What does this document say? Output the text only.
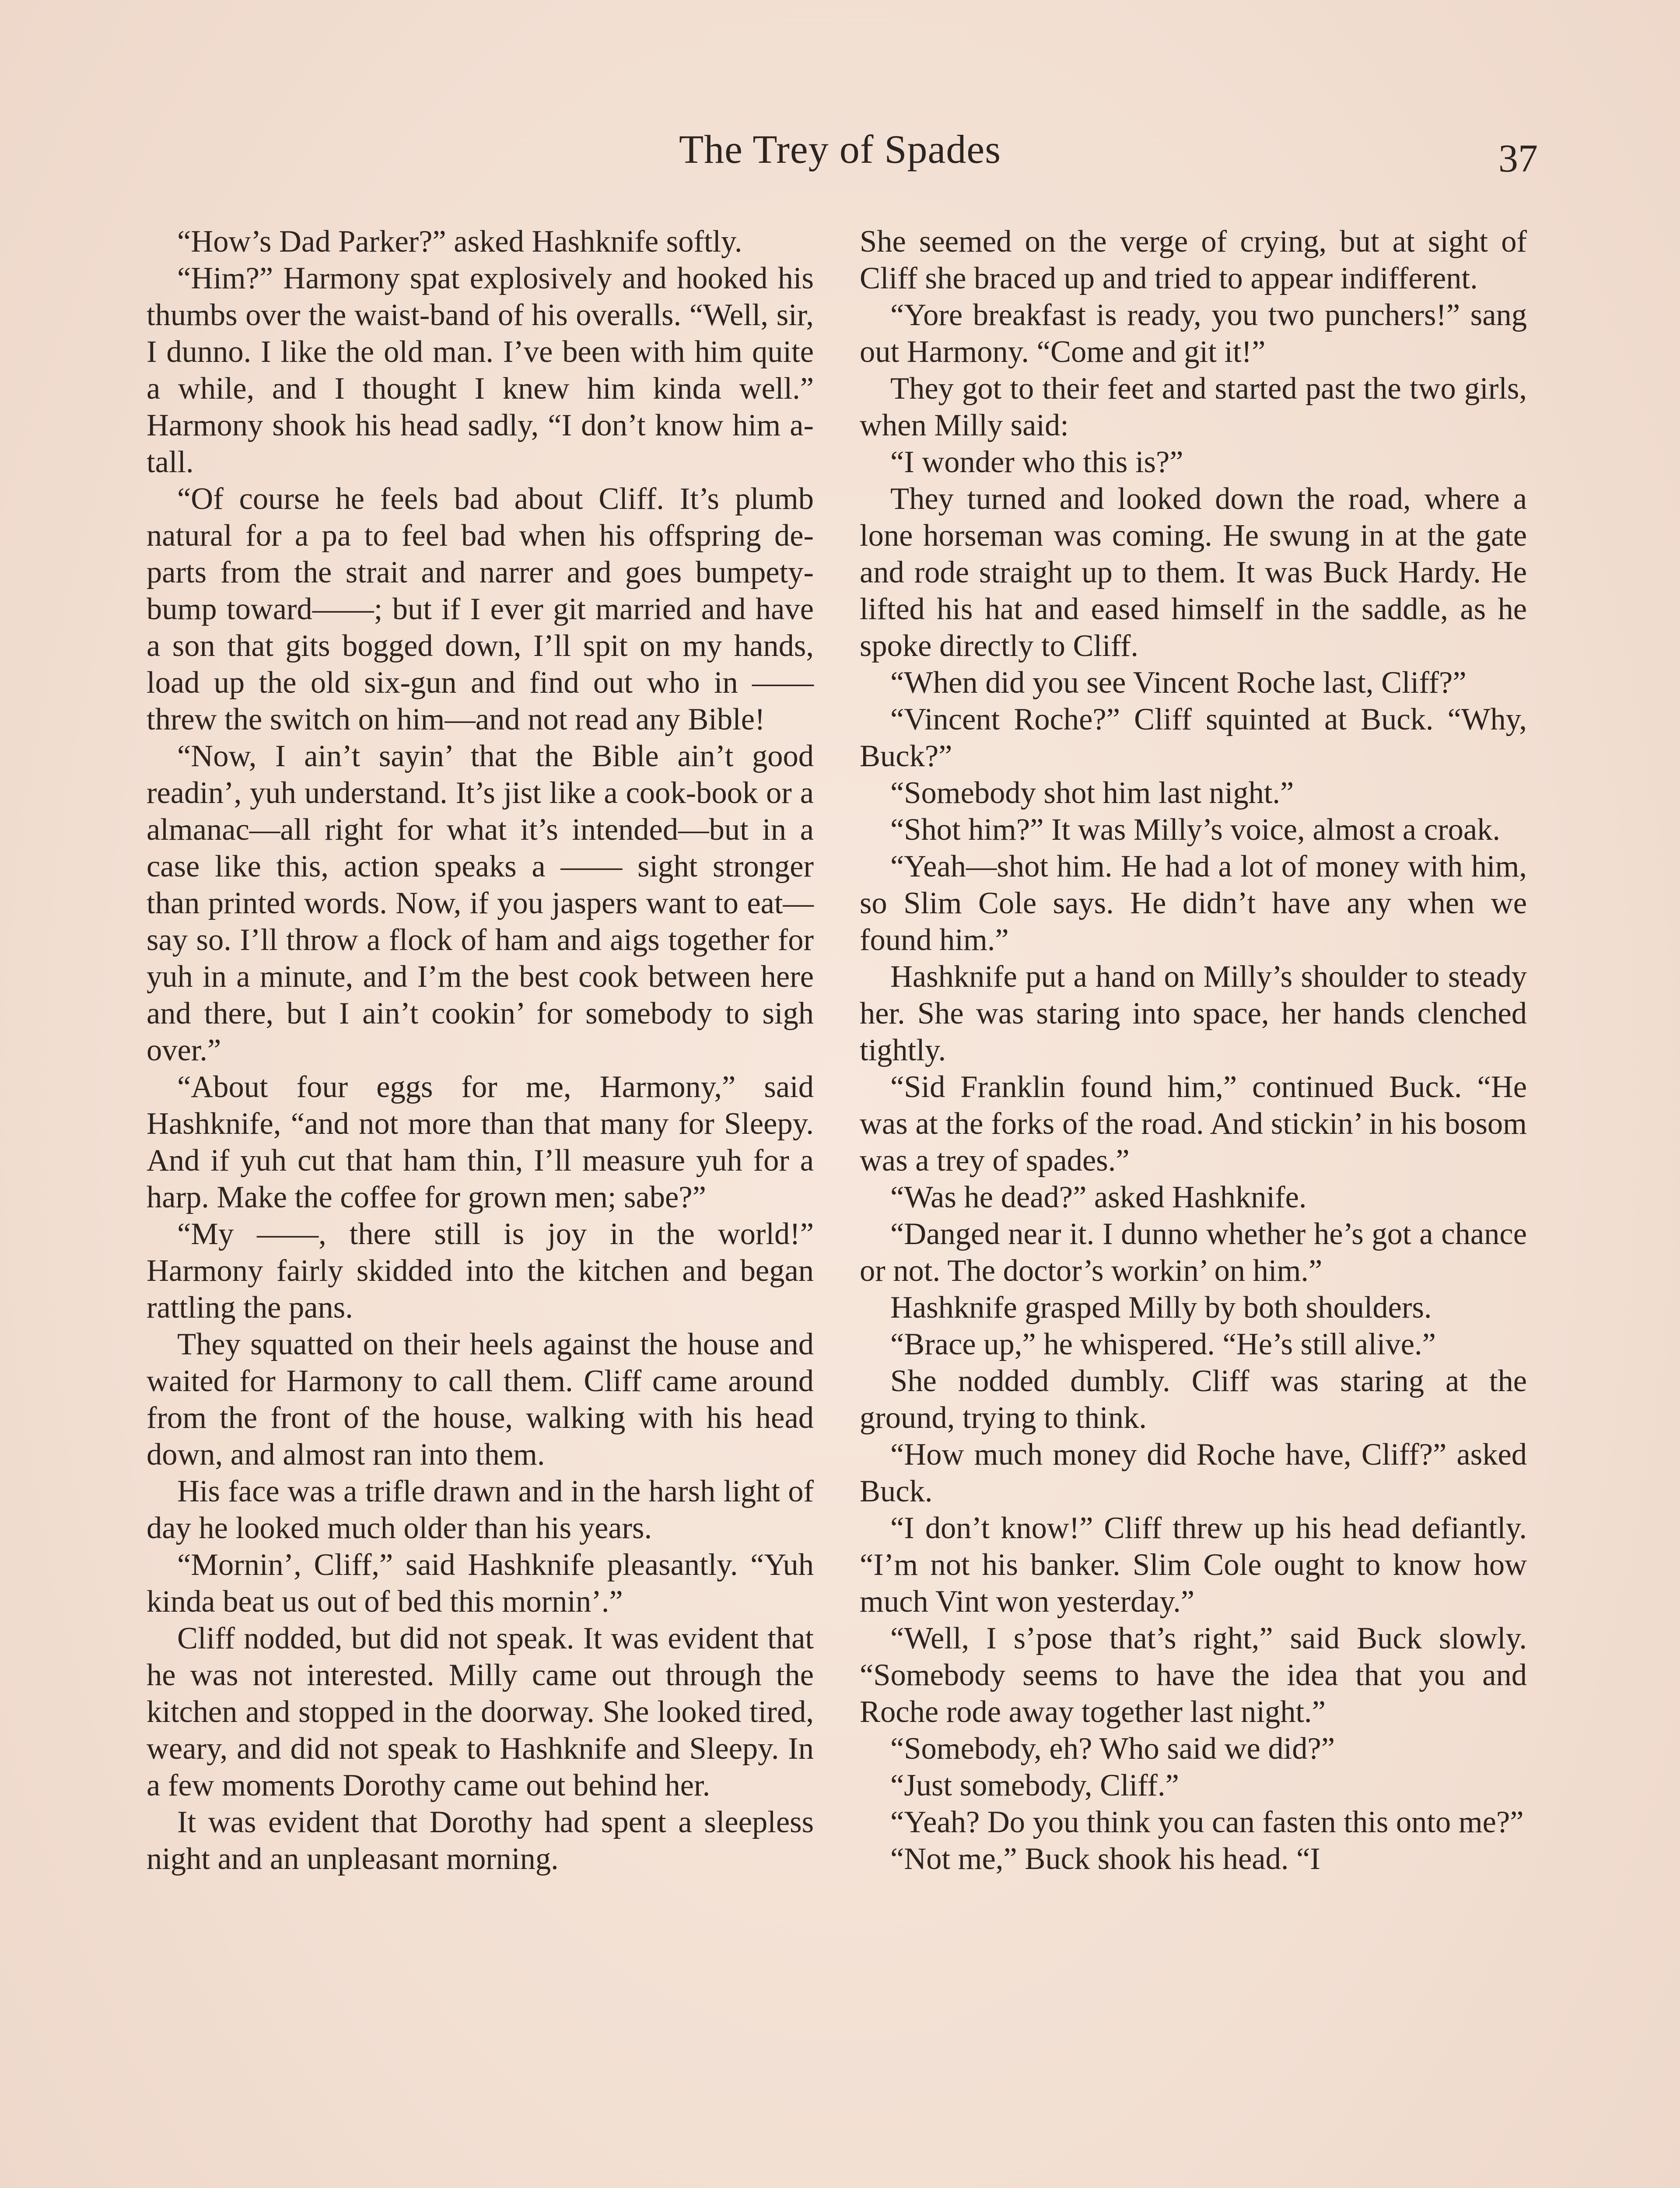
The Trey of Spades	37

“How’s Dad Parker?” asked Hashknife softly.

“Him?” Harmony spat explosively and hooked his thumbs over the waist-band of his overalls. “Well, sir, I dunno. I like the old man. I’ve been with him quite a while, and I thought I knew him kinda well.” Harmony shook his head sadly, “I don’t know him a-tall.

“Of course he feels bad about Cliff. It’s plumb natural for a pa to feel bad when his offspring de-parts from the strait and narrer and goes bumpety-bump toward——; but if I ever git married and have a son that gits bogged down, I’ll spit on my hands, load up the old six-gun and find out who in —— threw the switch on him—and not read any Bible!

“Now, I ain’t sayin’ that the Bible ain’t good readin’, yuh understand. It’s jist like a cook-book or a almanac—all right for what it’s intended—but in a case like this, action speaks a —— sight stronger than printed words. Now, if you jaspers want to eat—say so. I’ll throw a flock of ham and aigs together for yuh in a minute, and I’m the best cook between here and there, but I ain’t cookin’ for somebody to sigh over.”

“About four eggs for me, Harmony,” said Hashknife, “and not more than that many for Sleepy. And if yuh cut that ham thin, I’ll measure yuh for a harp. Make the coffee for grown men; sabe?”

“My ——, there still is joy in the world!” Harmony fairly skidded into the kitchen and began rattling the pans.

They squatted on their heels against the house and waited for Harmony to call them. Cliff came around from the front of the house, walking with his head down, and almost ran into them.

His face was a trifle drawn and in the harsh light of day he looked much older than his years.

“Mornin’, Cliff,” said Hashknife pleasantly. “Yuh kinda beat us out of bed this mornin’.”

Cliff nodded, but did not speak. It was evident that he was not interested. Milly came out through the kitchen and stopped in the doorway. She looked tired, weary, and did not speak to Hashknife and Sleepy. In a few moments Dorothy came out behind her.

It was evident that Dorothy had spent a sleepless night and an unpleasant morning.

She seemed on the verge of crying, but at sight of Cliff she braced up and tried to appear indifferent.

“Yore breakfast is ready, you two punchers!” sang out Harmony. “Come and git it!”

They got to their feet and started past the two girls, when Milly said:

“I wonder who this is?”

They turned and looked down the road, where a lone horseman was coming. He swung in at the gate and rode straight up to them. It was Buck Hardy. He lifted his hat and eased himself in the saddle, as he spoke directly to Cliff.

“When did you see Vincent Roche last, Cliff?”

“Vincent Roche?” Cliff squinted at Buck. “Why, Buck?”

“Somebody shot him last night.”

“Shot him?” It was Milly’s voice, almost a croak.

“Yeah—shot him. He had a lot of money with him, so Slim Cole says. He didn’t have any when we found him.”

Hashknife put a hand on Milly’s shoulder to steady her. She was staring into space, her hands clenched tightly.

“Sid Franklin found him,” continued Buck. “He was at the forks of the road. And stickin’ in his bosom was a trey of spades.”

“Was he dead?” asked Hashknife.

“Danged near it. I dunno whether he’s got a chance or not. The doctor’s workin’ on him.”

Hashknife grasped Milly by both shoulders.

“Brace up,” he whispered. “He’s still alive.”

She nodded dumbly. Cliff was staring at the ground, trying to think.

“How much money did Roche have, Cliff?” asked Buck.

“I don’t know!” Cliff threw up his head defiantly. “I’m not his banker. Slim Cole ought to know how much Vint won yesterday.”

“Well, I s’pose that’s right,” said Buck slowly. “Somebody seems to have the idea that you and Roche rode away together last night.”

“Somebody, eh? Who said we did?”

“Just somebody, Cliff.”

“Yeah? Do you think you can fasten this onto me?”

“Not me,” Buck shook his head. “I
